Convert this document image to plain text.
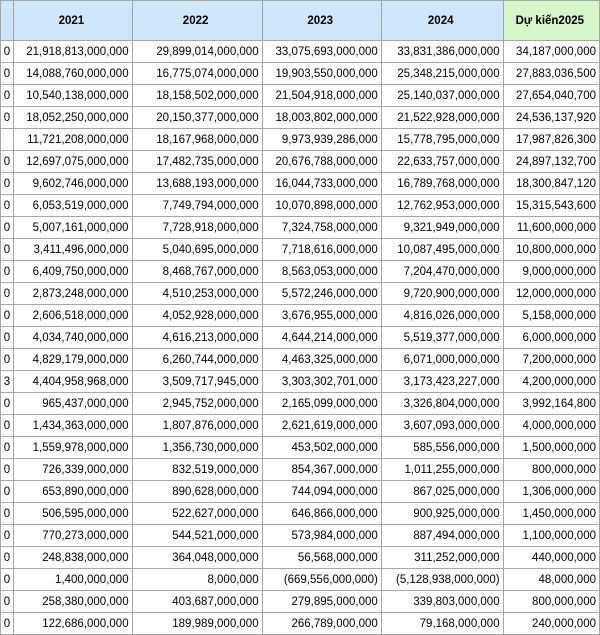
	2021	2022	2023	2024	Dự kiến2025
0	21,918,813,000,000	29,899,014,000,000	33,075,693,000,000	33,831,386,000,000	34,187,000,000
0	14,088,760,000,000	16,775,074,000,000	19,903,550,000,000	25,348,215,000,000	27,883,036,500
0	10,540,138,000,000	18,158,502,000,000	21,504,918,000,000	25,140,037,000,000	27,654,040,700
0	18,052,250,000,000	20,150,377,000,000	18,003,802,000,000	21,522,928,000,000	24,536,137,920
	11,721,208,000,000	18,167,968,000,000	9,973,939,286,000	15,778,795,000,000	17,987,826,300
0	12,697,075,000,000	17,482,735,000,000	20,676,788,000,000	22,633,757,000,000	24,897,132,700
0	9,602,746,000,000	13,688,193,000,000	16,044,733,000,000	16,789,768,000,000	18,300,847,120
0	6,053,519,000,000	7,749,794,000,000	10,070,898,000,000	12,762,953,000,000	15,315,543,600
0	5,007,161,000,000	7,728,918,000,000	7,324,758,000,000	9,321,949,000,000	11,600,000,000
0	3,411,496,000,000	5,040,695,000,000	7,718,616,000,000	10,087,495,000,000	10,800,000,000
0	6,409,750,000,000	8,468,767,000,000	8,563,053,000,000	7,204,470,000,000	9,000,000,000
0	2,873,248,000,000	4,510,253,000,000	5,572,246,000,000	9,720,900,000,000	12,000,000,000
0	2,606,518,000,000	4,052,928,000,000	3,676,955,000,000	4,816,026,000,000	5,158,000,000
0	4,034,740,000,000	4,616,213,000,000	4,644,214,000,000	5,519,377,000,000	6,000,000,000
0	4,829,179,000,000	6,260,744,000,000	4,463,325,000,000	6,071,000,000,000	7,200,000,000
3	4,404,958,968,000	3,509,717,945,000	3,303,302,701,000	3,173,423,227,000	4,200,000,000
0	965,437,000,000	2,945,752,000,000	2,165,099,000,000	3,326,804,000,000	3,992,164,800
0	1,434,363,000,000	1,807,876,000,000	2,621,619,000,000	3,607,093,000,000	4,000,000,000
0	1,559,978,000,000	1,356,730,000,000	453,502,000,000	585,556,000,000	1,500,000,000
0	726,339,000,000	832,519,000,000	854,367,000,000	1,011,255,000,000	800,000,000
0	653,890,000,000	890,628,000,000	744,094,000,000	867,025,000,000	1,306,000,000
0	506,595,000,000	522,627,000,000	646,866,000,000	900,925,000,000	1,450,000,000
0	770,273,000,000	544,521,000,000	573,984,000,000	887,494,000,000	1,100,000,000
0	248,838,000,000	364,048,000,000	56,568,000,000	311,252,000,000	440,000,000
0	1,400,000,000	8,000,000	(669,556,000,000)	(5,128,938,000,000)	48,000,000
0	258,380,000,000	403,687,000,000	279,895,000,000	339,803,000,000	800,000,000
0	122,686,000,000	189,989,000,000	266,789,000,000	79,168,000,000	240,000,000
